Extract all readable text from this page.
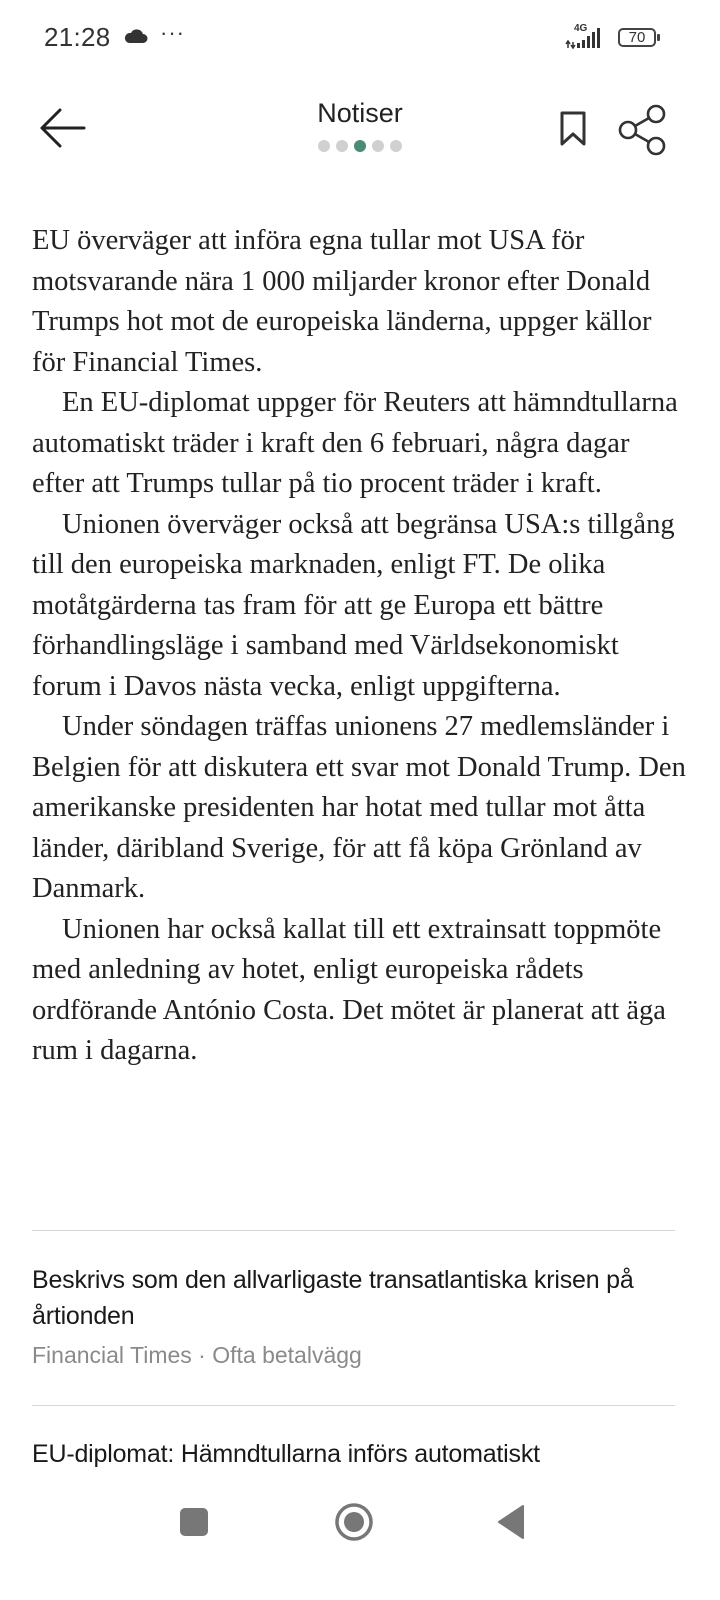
21:28 ···	4G
70
Notiser

EU överväger att införa egna tullar mot USA för motsvarande nära 1 000 miljarder kronor efter Donald Trumps hot mot de europeiska länderna, uppger källor för Financial Times.

En EU-diplomat uppger för Reuters att hämndtullarna automatiskt träder i kraft den 6 februari, några dagar efter att Trumps tullar på tio procent träder i kraft.

Unionen överväger också att begränsa USA:s tillgång till den europeiska marknaden, enligt FT. De olika motåtgärderna tas fram för att ge Europa ett bättre förhandlingsläge i samband med Världsekonomiskt forum i Davos nästa vecka, enligt uppgifterna.

Under söndagen träffas unionens 27 medlemsländer i Belgien för att diskutera ett svar mot Donald Trump. Den amerikanske presidenten har hotat med tullar mot åtta länder, däribland Sverige, för att få köpa Grönland av Danmark.

Unionen har också kallat till ett extrainsatt toppmöte med anledning av hotet, enligt europeiska rådets ordförande António Costa. Det mötet är planerat att äga rum i dagarna.

Beskrivs som den allvarligaste transatlantiska krisen på årtionden

Financial Times · Ofta betalvägg

EU-diplomat: Hämndtullarna införs automatiskt
